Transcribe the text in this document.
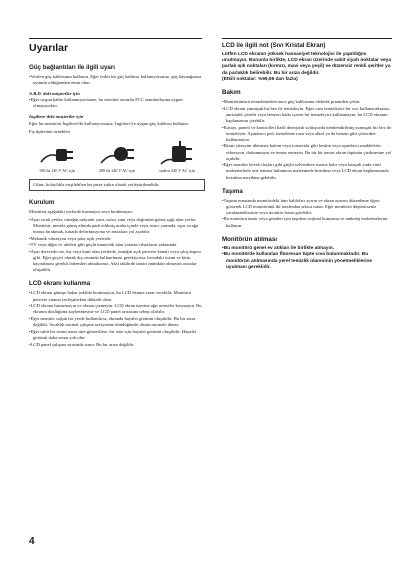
Uyarılar
Güç bağlantıları ile ilgili uyarı
• Verilen güç kablosunu kullanın. Eğer farklı bir güç kablosu kullanıyorsanız, güç kaynağınıza uyumlu olduğundan emin olun.

A.B.D. deki müşteriler için

• Eğer uygun kablo kullanmıyorsanız, bu monitör zorunlu FCC standartlarına uygun olmayacaktır.

İngiltere'deki müşteriler için

Eğer bu monitörü İngiltere'de kullanıyorsanız, İngiltere'ye uygun güç kablosu kullanın.

Fiş tiplerinin örnekleri

100 ila 120 V AC için	200 ila 240 V AC için	sadece 240 V AC için
Cihaz, kolaylıkla erişilebilen bir prize yakın olarak yerleştirilmelidir.
Kurulum

Monitörü aşağıdaki yerlerde kurmayın veya bırakmayın:

• Aşırı sıcak yerler, örneğin radyatör yanı, ısıtıcı yanı veya doğrudan güneş ışığı alan yerler. Monitörü, mesela güneş altında park edilmiş araba içinde veya ısıtıcı yanında, aşırı sıcağa maruz bırakmak, kasada deformasyona ve arızalara yol açabilir.
• Mekanik vibrasyon veya şoka açık yerlerde.
• TV veya diğer ev aletleri gibi güçlü manyetik alan yaratan cihazların yakınında.
• Aşırı derecede toz, kir veya kum olan yerlerde, örneğin açık pencere kenarı veya çıkış kapısı gibi. Eğer geçici olarak dış ortamda kullanılması gerekiyorsa, havadaki tozun ve kirin kaçınılması gerekli önlemleri almalısınız. Aksi takdirde tamiri mümkün olmayan arızalar oluşabilir.
LCD ekranı kullanma
• LCD ekranı güneşe bakar şekilde bırakmayın, bu LCD ekrana zarar verebilir. Monitörü pencere yanına yerleştirirken dikkatli olun.
• LCD ekrana bastırmayın ve ekranı çizmeyin. LCD ekran üzerine ağır nesneler koymayın. Bu ekranın düzlüğünü kaybetmesine ve LCD panel arızasına sebep olabilir.
• Eğer monitör soğuk bir yerde kullanılırsa, ekranda hayalet görüntü oluşabilir. Bu bir arıza değildir. Sıcaklık normal çalışma seviyesine döndüğünde, ekran normale döner.
• Eğer sabit bir resim uzun süre gösterilirse, bir süre için hayalet görüntü oluşabilir. Hayalet görüntü daha sonra yok olur.
• LCD panel çalışma sırasında ısınır. Bu bir arıza değildir.
LCD ile ilgili not (Sıvı Kristal Ekran)

Lütfen LCD ekranın yüksek hassasiyet teknolojisi ile yapıldığını unutmayın. Bununla birlikte, LCD ekran üzerinde sabit siyah noktalar veya parlak ışık noktaları (kırmızı, mavi veya yeşil) ve düzensiz renkli şeritler ya da parlaklık belirebilir. Bu bir arıza değildir.

(Etkili noktalar: %99,99 dan fazla)

Bakım
• Monitörünüzü temizlemeden önce güç kablosunu elektrik prizinden çekin.
• LCD ekranı yumuşak bir bez ile temizleyin. Eğer cam temizleyici bir sıvı kullanacaksanız, antistatik çözelti veya benzeri katkı içeren bir temizleyici kullanmayın, bu LCD ekranın kaplamasını çizebilir.
• Kasayı, paneli ve kontrolleri hafif deterjanlı solüsyonla nemlendirilmiş yumuşak bir bez ile temizleyin. Aşındırıcı ped, temizleme tozu veya alkol ya da benzin gibi çözücüler kullanmayın.
• Ekran yüzeyini ükürmez kalem veya tornavida gibi keskin veya aşındırıcı maddelerle, vibrasyon, dokunmayın ve temas etmeyin. Bu tür bir temas ekran tüpünün çizilmesine yol açabilir.
• Eğer monitör böcek ilaçları gibi güçlü solventlere maruz kalır veya kauçuk yada vinil malzemelerle sert temasa bulunursa malzemede bozulma veya LCD ekran kaplamasında bozulma meydana gelebilir.
Taşıma
• Taşıma esnasında monitördeki tüm kabloları ayırın ve ekran ayarını düzenleme öğesi gösterek LCD monitörünü iki tarafından sıkıca tutun. Eğer monitörü düşürürseniz yaralanabilirsiniz veya monitör hasar görebilir.
• Bu monitörü tamir veya gönderi için taşırken orijinal kutusunu ve ambalaj malzemelerini kullanın.
Monitörün atılması
• Bu monitörü genel ev atıkları ile birlikte atmayın.
• Bu monitörde kullanılan flüoresan tüpte cıva bulunmaktadır. Bu monitörün atılmasında yerel temizlik idaresinin yönetmeliklerine uyulması gereklidir.
4
